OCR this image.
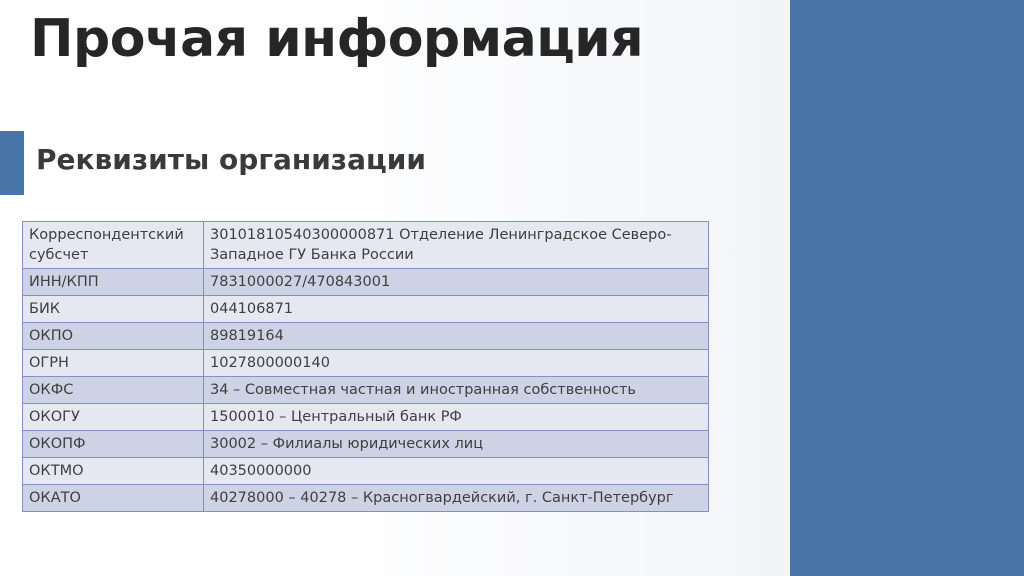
Прочая информация
Реквизиты организации
Корреспондентский субсчет	30101810540300000871 Отделение Ленинградское Северо-Западное ГУ Банка России
ИНН/КПП	7831000027/470843001
БИК	044106871
ОКПО	89819164
ОГРН	1027800000140
ОКФС	34 – Совместная частная и иностранная собственность
ОКОГУ	1500010 – Центральный банк РФ
ОКОПФ	30002 – Филиалы юридических лиц
ОКТМО	40350000000
ОКАТО	40278000 – 40278 – Красногвардейский, г. Санкт-Петербург
